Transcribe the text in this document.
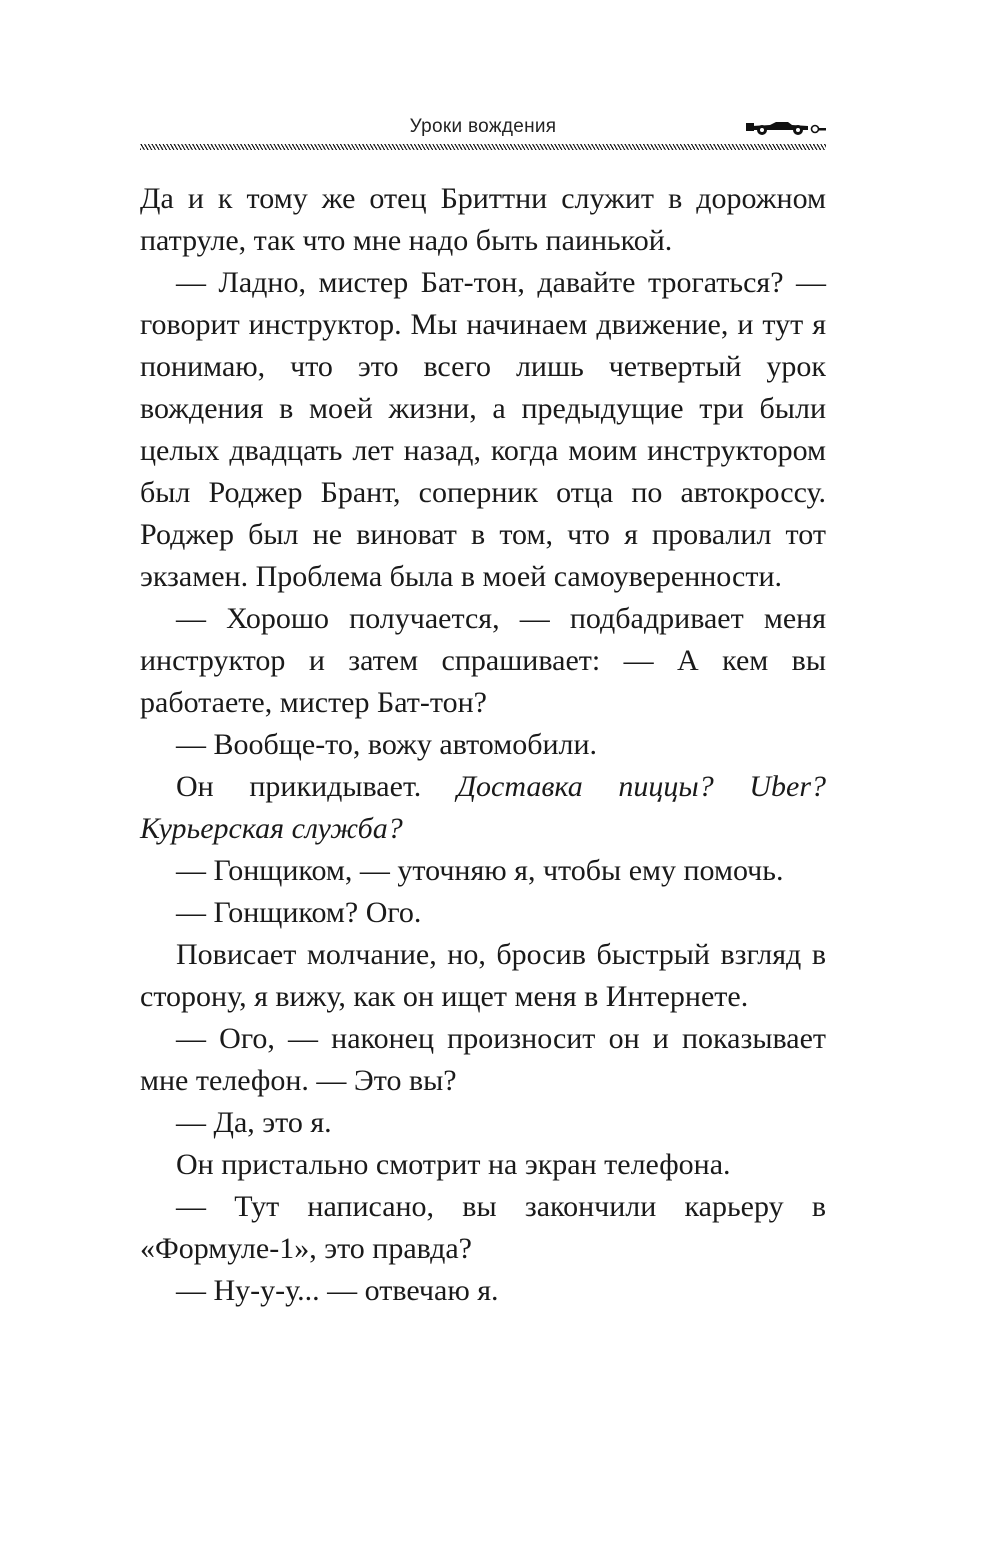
Уроки вождения

Да и к тому же отец Бриттни служит в дорожном патруле, так что мне надо быть паинькой.

— Ладно, мистер Бат-тон, давайте трогаться? — говорит инструктор. Мы начинаем движение, и тут я понимаю, что это всего лишь четвертый урок вождения в моей жизни, а предыдущие три были целых двадцать лет назад, когда моим инструктором был Роджер Брант, соперник отца по автокроссу. Роджер был не виноват в том, что я провалил тот экзамен. Проблема была в моей самоуверенности.

— Хорошо получается, — подбадривает меня инструктор и затем спрашивает: — А кем вы работаете, мистер Бат-тон?

— Вообще-то, вожу автомобили.

Он прикидывает. Доставка пиццы? Uber? Курьерская служба?

— Гонщиком, — уточняю я, чтобы ему помочь.

— Гонщиком? Ого.

Повисает молчание, но, бросив быстрый взгляд в сторону, я вижу, как он ищет меня в Интернете.

— Ого, — наконец произносит он и показывает мне телефон. — Это вы?

— Да, это я.

Он пристально смотрит на экран телефона.

— Тут написано, вы закончили карьеру в «Формуле-1», это правда?

— Ну-у-у... — отвечаю я.
